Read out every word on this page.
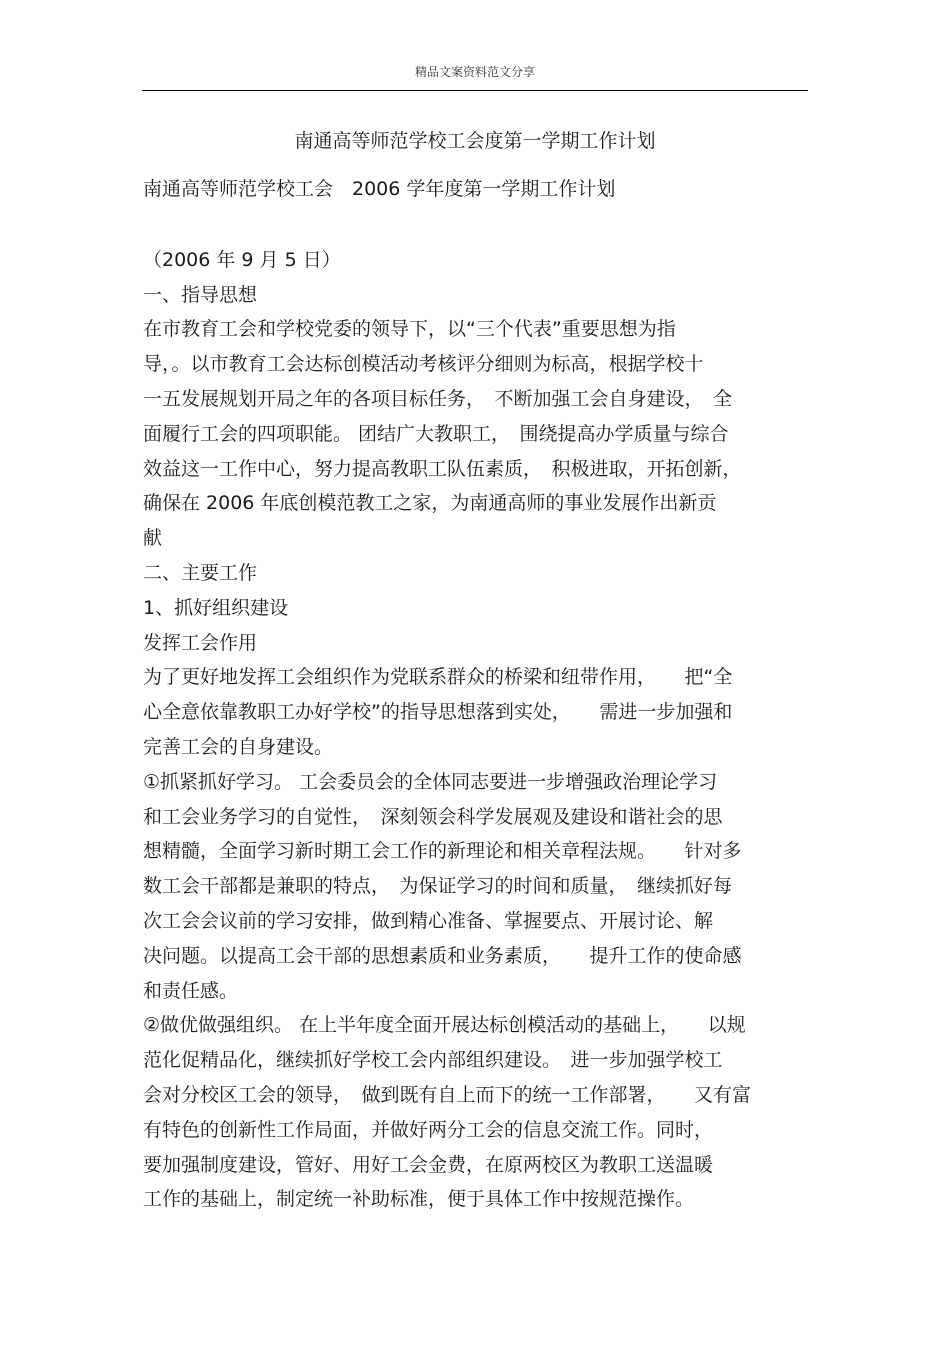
精品文案资料范文分享
南通高等师范学校工会度第一学期工作计划
南通高等师范学校工会　2006 学年度第一学期工作计划
（2006 年 9 月 5 日）
一、指导思想
在市教育工会和学校党委的领导下，以“三个代表”重要思想为指
导，。以市教育工会达标创模活动考核评分细则为标高，根据学校十
一五发展规划开局之年的各项目标任务，　不断加强工会自身建设，　全
面履行工会的四项职能。 团结广大教职工，　围绕提高办学质量与综合
效益这一工作中心，努力提高教职工队伍素质，　积极进取，开拓创新，
确保在 2006 年底创模范教工之家，为南通高师的事业发展作出新贡
献
二、主要工作
1、抓好组织建设
发挥工会作用
为了更好地发挥工会组织作为党联系群众的桥梁和纽带作用，　　把“全
心全意依靠教职工办好学校”的指导思想落到实处，　　需进一步加强和
完善工会的自身建设。
①抓紧抓好学习。 工会委员会的全体同志要进一步增强政治理论学习
和工会业务学习的自觉性，　深刻领会科学发展观及建设和谐社会的思
想精髓，全面学习新时期工会工作的新理论和相关章程法规。　　针对多
数工会干部都是兼职的特点，　为保证学习的时间和质量，　继续抓好每
次工会会议前的学习安排，做到精心准备、掌握要点、开展讨论、解
决问题。以提高工会干部的思想素质和业务素质，　　提升工作的使命感
和责任感。
②做优做强组织。 在上半年度全面开展达标创模活动的基础上，　　以规
范化促精品化，继续抓好学校工会内部组织建设。　进一步加强学校工
会对分校区工会的领导，　做到既有自上而下的统一工作部署，　　又有富
有特色的创新性工作局面，并做好两分工会的信息交流工作。同时，
要加强制度建设，管好、用好工会金费，在原两校区为教职工送温暖
工作的基础上，制定统一补助标准，便于具体工作中按规范操作。
